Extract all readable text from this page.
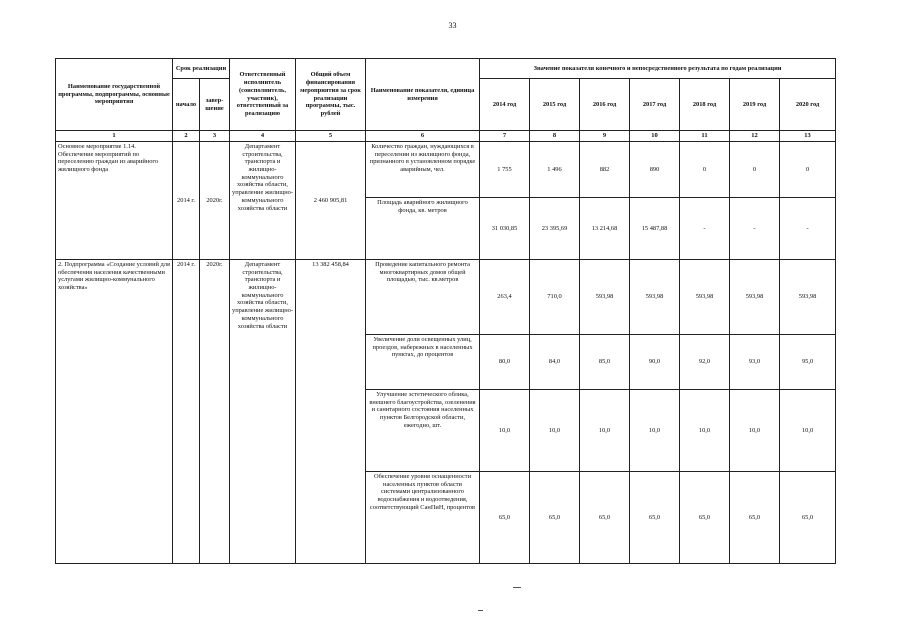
33
Наименование государственной программы, подпрограммы, основные мероприятия	Срок реализации		Ответственный исполнитель (соисполнитель, участник), ответственный за реализацию	Общий объем финансирования мероприятия за срок реализации программы, тыс. рублей	Наименование показателя, единица измерения	Значение показателя конечного и непосредственного результата по годам реализации						
	начало	завер- шение				2014 год	2015 год	2016 год	2017 год	2018 год	2019 год	2020 год
1	2	3	4	5	6	7	8	9	10	11	12	13
Основное мероприятие 1.14. Обеспечение мероприятий по переселению граждан из аварийного жилищного фонда	2014 г.	2020г.	Департамент строительства, транспорта и жилищно-коммунального хозяйства области, управление жилищно-коммунального хозяйства области	2 460 905,81	Количество граждан, нуждающихся в переселении из жилищного фонда, признанного в установленном порядке аварийным, чел.	1 755	1 496	882	890	0	0	0
					Площадь аварийного жилищного фонда, кв. метров	31 030,85	23 395,69	13 214,68	15 487,88	-	-	-
2. Подпрограмма «Создание условий для обеспечения населения качественными услугами жилищно-коммунального хозяйства»	2014 г.	2020г.	Департамент строительства, транспорта и жилищно-коммунального хозяйства области, управление жилищно-коммунального хозяйства области	13 382 458,84	Проведение капитального ремонта многоквартирных домов общей площадью, тыс. кв.метров	263,4	710,0	593,98	593,98	593,98	593,98	593,98
					Увеличение доли освещенных улиц, проездов, набережных в населенных пунктах, до процентов	80,0	84,0	85,0	90,0	92,0	93,0	95,0
					Улучшение эстетического облика, внешнего благоустройства, озеленения и санитарного состояния населенных пунктов Белгородской области, ежегодно, шт.	10,0	10,0	10,0	10,0	10,0	10,0	10,0
					Обеспечение уровня оснащенности населенных пунктов области системами централизованного водоснабжения и водоотведения, соответствующий СанПиН, процентов	65,0	65,0	65,0	65,0	65,0	65,0	65,0
